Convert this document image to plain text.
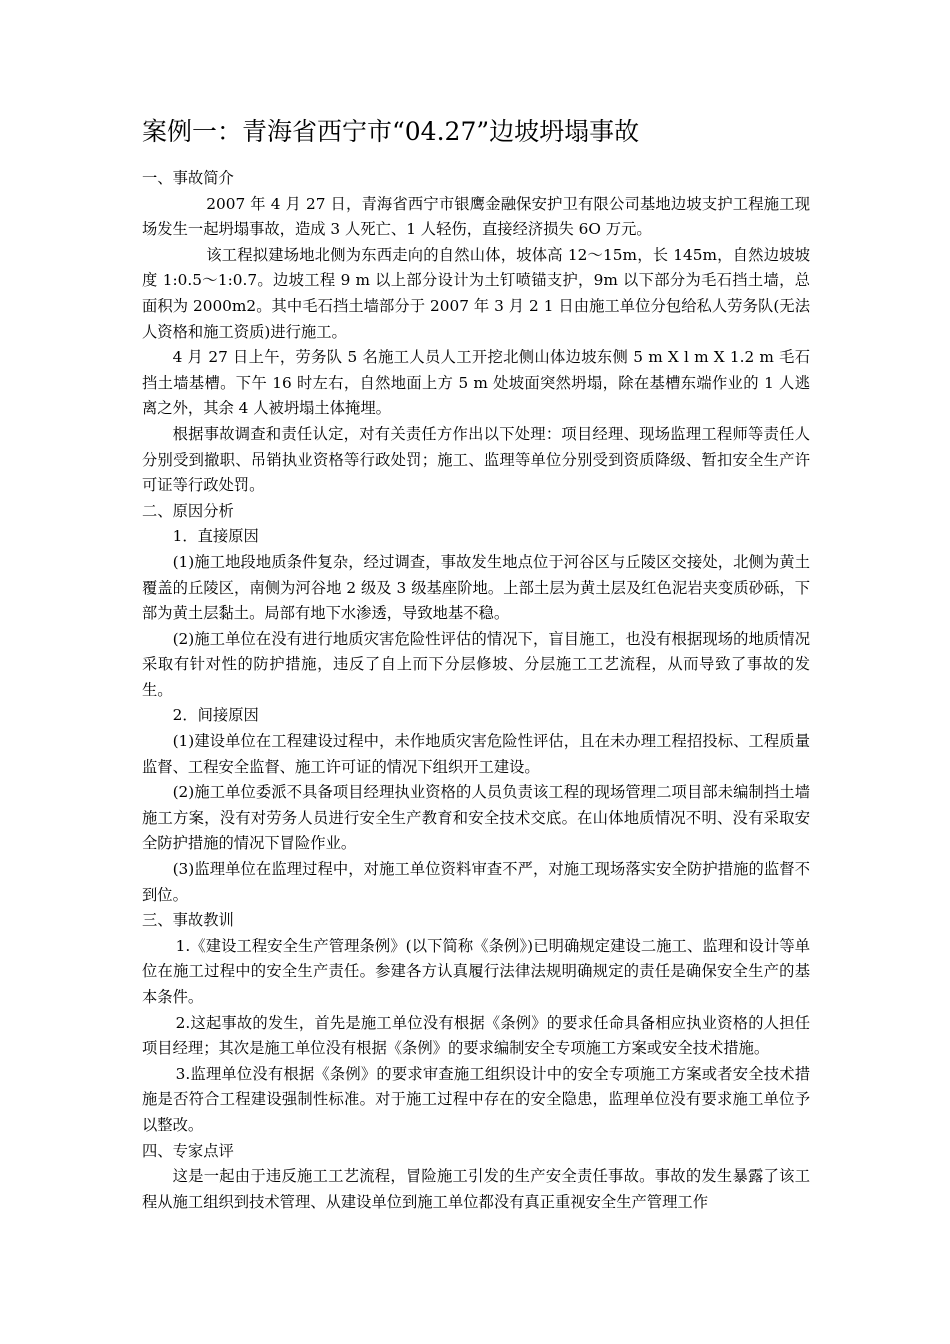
案例一：青海省西宁市“04.27”边坡坍塌事故

一、事故简介

2007 年 4 月 27 日，青海省西宁市银鹰金融保安护卫有限公司基地边坡支护工程施工现场发生一起坍塌事故，造成 3 人死亡、1 人轻伤，直接经济损失 6O 万元。

该工程拟建场地北侧为东西走向的自然山体，坡体高 12～15m，长 145m，自然边坡坡度 1:0.5～1:0.7。边坡工程 9 m 以上部分设计为土钉喷锚支护，9m 以下部分为毛石挡土墙，总面积为 2000m2。其中毛石挡土墙部分于 2007 年 3 月 2 1 日由施工单位分包给私人劳务队(无法人资格和施工资质)进行施工。

4 月 27 日上午，劳务队 5 名施工人员人工开挖北侧山体边坡东侧 5 m X l m X 1.2 m 毛石挡土墙基槽。下午 16 时左右，自然地面上方 5 m 处坡面突然坍塌，除在基槽东端作业的 1 人逃离之外，其余 4 人被坍塌土体掩埋。

根据事故调查和责任认定，对有关责任方作出以下处理：项目经理、现场监理工程师等责任人分别受到撤职、吊销执业资格等行政处罚；施工、监理等单位分别受到资质降级、暂扣安全生产许可证等行政处罚。

二、原因分析

1．直接原因

(1)施工地段地质条件复杂，经过调查，事故发生地点位于河谷区与丘陵区交接处，北侧为黄土覆盖的丘陵区，南侧为河谷地 2 级及 3 级基座阶地。上部土层为黄土层及红色泥岩夹变质砂砾，下部为黄土层黏土。局部有地下水渗透，导致地基不稳。

(2)施工单位在没有进行地质灾害危险性评估的情况下，盲目施工，也没有根据现场的地质情况采取有针对性的防护措施，违反了自上而下分层修坡、分层施工工艺流程，从而导致了事故的发生。

2．间接原因

(1)建设单位在工程建设过程中，未作地质灾害危险性评估，且在未办理工程招投标、工程质量监督、工程安全监督、施工许可证的情况下组织开工建设。

(2)施工单位委派不具备项目经理执业资格的人员负责该工程的现场管理二项目部未编制挡土墙施工方案，没有对劳务人员进行安全生产教育和安全技术交底。在山体地质情况不明、没有采取安全防护措施的情况下冒险作业。

(3)监理单位在监理过程中，对施工单位资料审查不严，对施工现场落实安全防护措施的监督不到位。

三、事故教训

1.《建设工程安全生产管理条例》(以下简称《条例》)已明确规定建设二施工、监理和设计等单位在施工过程中的安全生产责任。参建各方认真履行法律法规明确规定的责任是确保安全生产的基本条件。

2.这起事故的发生，首先是施工单位没有根据《条例》的要求任命具备相应执业资格的人担任项目经理；其次是施工单位没有根据《条例》的要求编制安全专项施工方案或安全技术措施。

3.监理单位没有根据《条例》的要求审查施工组织设计中的安全专项施工方案或者安全技术措施是否符合工程建设强制性标准。对于施工过程中存在的安全隐患，监理单位没有要求施工单位予以整改。

四、专家点评

这是一起由于违反施工工艺流程，冒险施工引发的生产安全责任事故。事故的发生暴露了该工程从施工组织到技术管理、从建设单位到施工单位都没有真正重视安全生产管理工作
